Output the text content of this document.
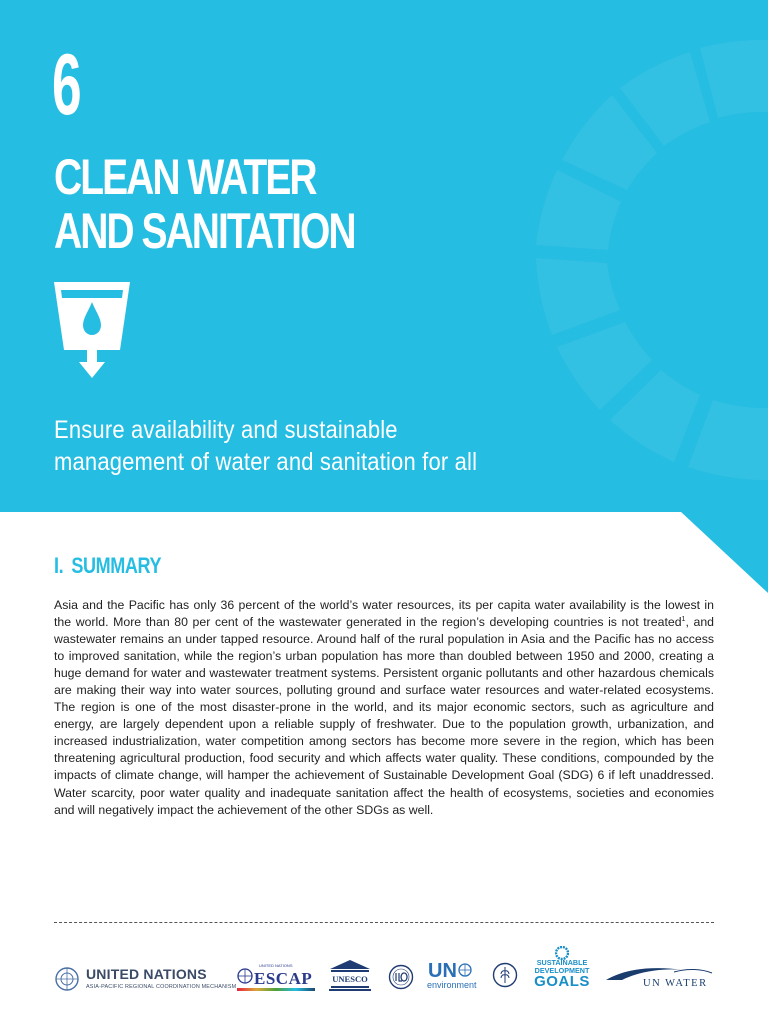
6
CLEAN WATER
AND SANITATION
Ensure availability and sustainable
management of water and sanitation for all
I. SUMMARY

Asia and the Pacific has only 36 percent of the world’s water resources, its per capita water availability is the lowest in the world. More than 80 per cent of the wastewater generated in the region’s developing countries is not treated$^1$, and wastewater remains an under tapped resource. Around half of the rural population in Asia and the Pacific has no access to improved sanitation, while the region’s urban population has more than doubled between 1950 and 2000, creating a huge demand for water and wastewater treatment systems. Persistent organic pollutants and other hazardous chemicals are making their way into water sources, polluting ground and surface water resources and water-related ecosystems. The region is one of the most disaster-prone in the world, and its major economic sectors, such as agriculture and energy, are largely dependent upon a reliable supply of freshwater. Due to the population growth, urbanization, and increased industrialization, water competition among sectors has become more severe in the region, which has been threatening agricultural production, food security and which affects water quality. These conditions, compounded by the impacts of climate change, will hamper the achievement of Sustainable Development Goal (SDG) 6 if left unaddressed. Water scarcity, poor water quality and inadequate sanitation affect the health of ecosystems, societies and economies and will negatively impact the achievement of the other SDGs as well.

UNITED NATIONS
ASIA-PACIFIC REGIONAL COORDINATION MECHANISM
UNITED NATIONS
ESCAP UNESCO	UN
environment
SUSTAINABLE
DEVELOPMENT
GOALS	UN WATER
